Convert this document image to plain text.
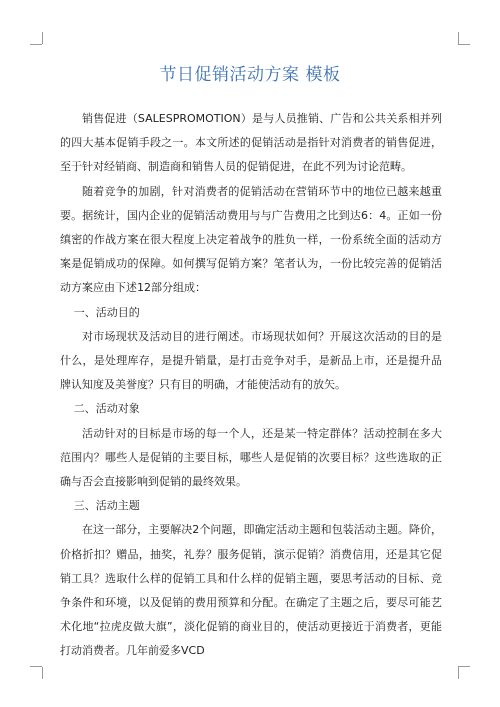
节日促销活动方案 模板

销售促进（SALESPROMOTION）是与人员推销、广告和公共关系相并列的四大基本促销手段之一。本文所述的促销活动是指针对消费者的销售促进，至于针对经销商、制造商和销售人员的促销促进，在此不列为讨论范畴。

随着竞争的加剧，针对消费者的促销活动在营销环节中的地位已越来越重要。据统计，国内企业的促销活动费用与与广告费用之比到达6：4。正如一份缜密的作战方案在很大程度上决定着战争的胜负一样，一份系统全面的活动方案是促销成功的保障。如何撰写促销方案？笔者认为，一份比较完善的促销活动方案应由下述12部分组成：

一、活动目的

对市场现状及活动目的进行阐述。市场现状如何？开展这次活动的目的是什么，是处理库存，是提升销量，是打击竞争对手，是新品上市，还是提升品牌认知度及美誉度？只有目的明确，才能使活动有的放矢。

二、活动对象

活动针对的目标是市场的每一个人，还是某一特定群体？活动控制在多大范围内？哪些人是促销的主要目标，哪些人是促销的次要目标？这些选取的正确与否会直接影响到促销的最终效果。

三、活动主题

在这一部分，主要解决2个问题，即确定活动主题和包装活动主题。降价，价格折扣？赠品，抽奖，礼券？服务促销，演示促销？消费信用，还是其它促销工具？选取什么样的促销工具和什么样的促销主题，要思考活动的目标、竞争条件和环境，以及促销的费用预算和分配。在确定了主题之后，要尽可能艺术化地“拉虎皮做大旗”，淡化促销的商业目的，使活动更接近于消费者，更能打动消费者。几年前爱多VCD
